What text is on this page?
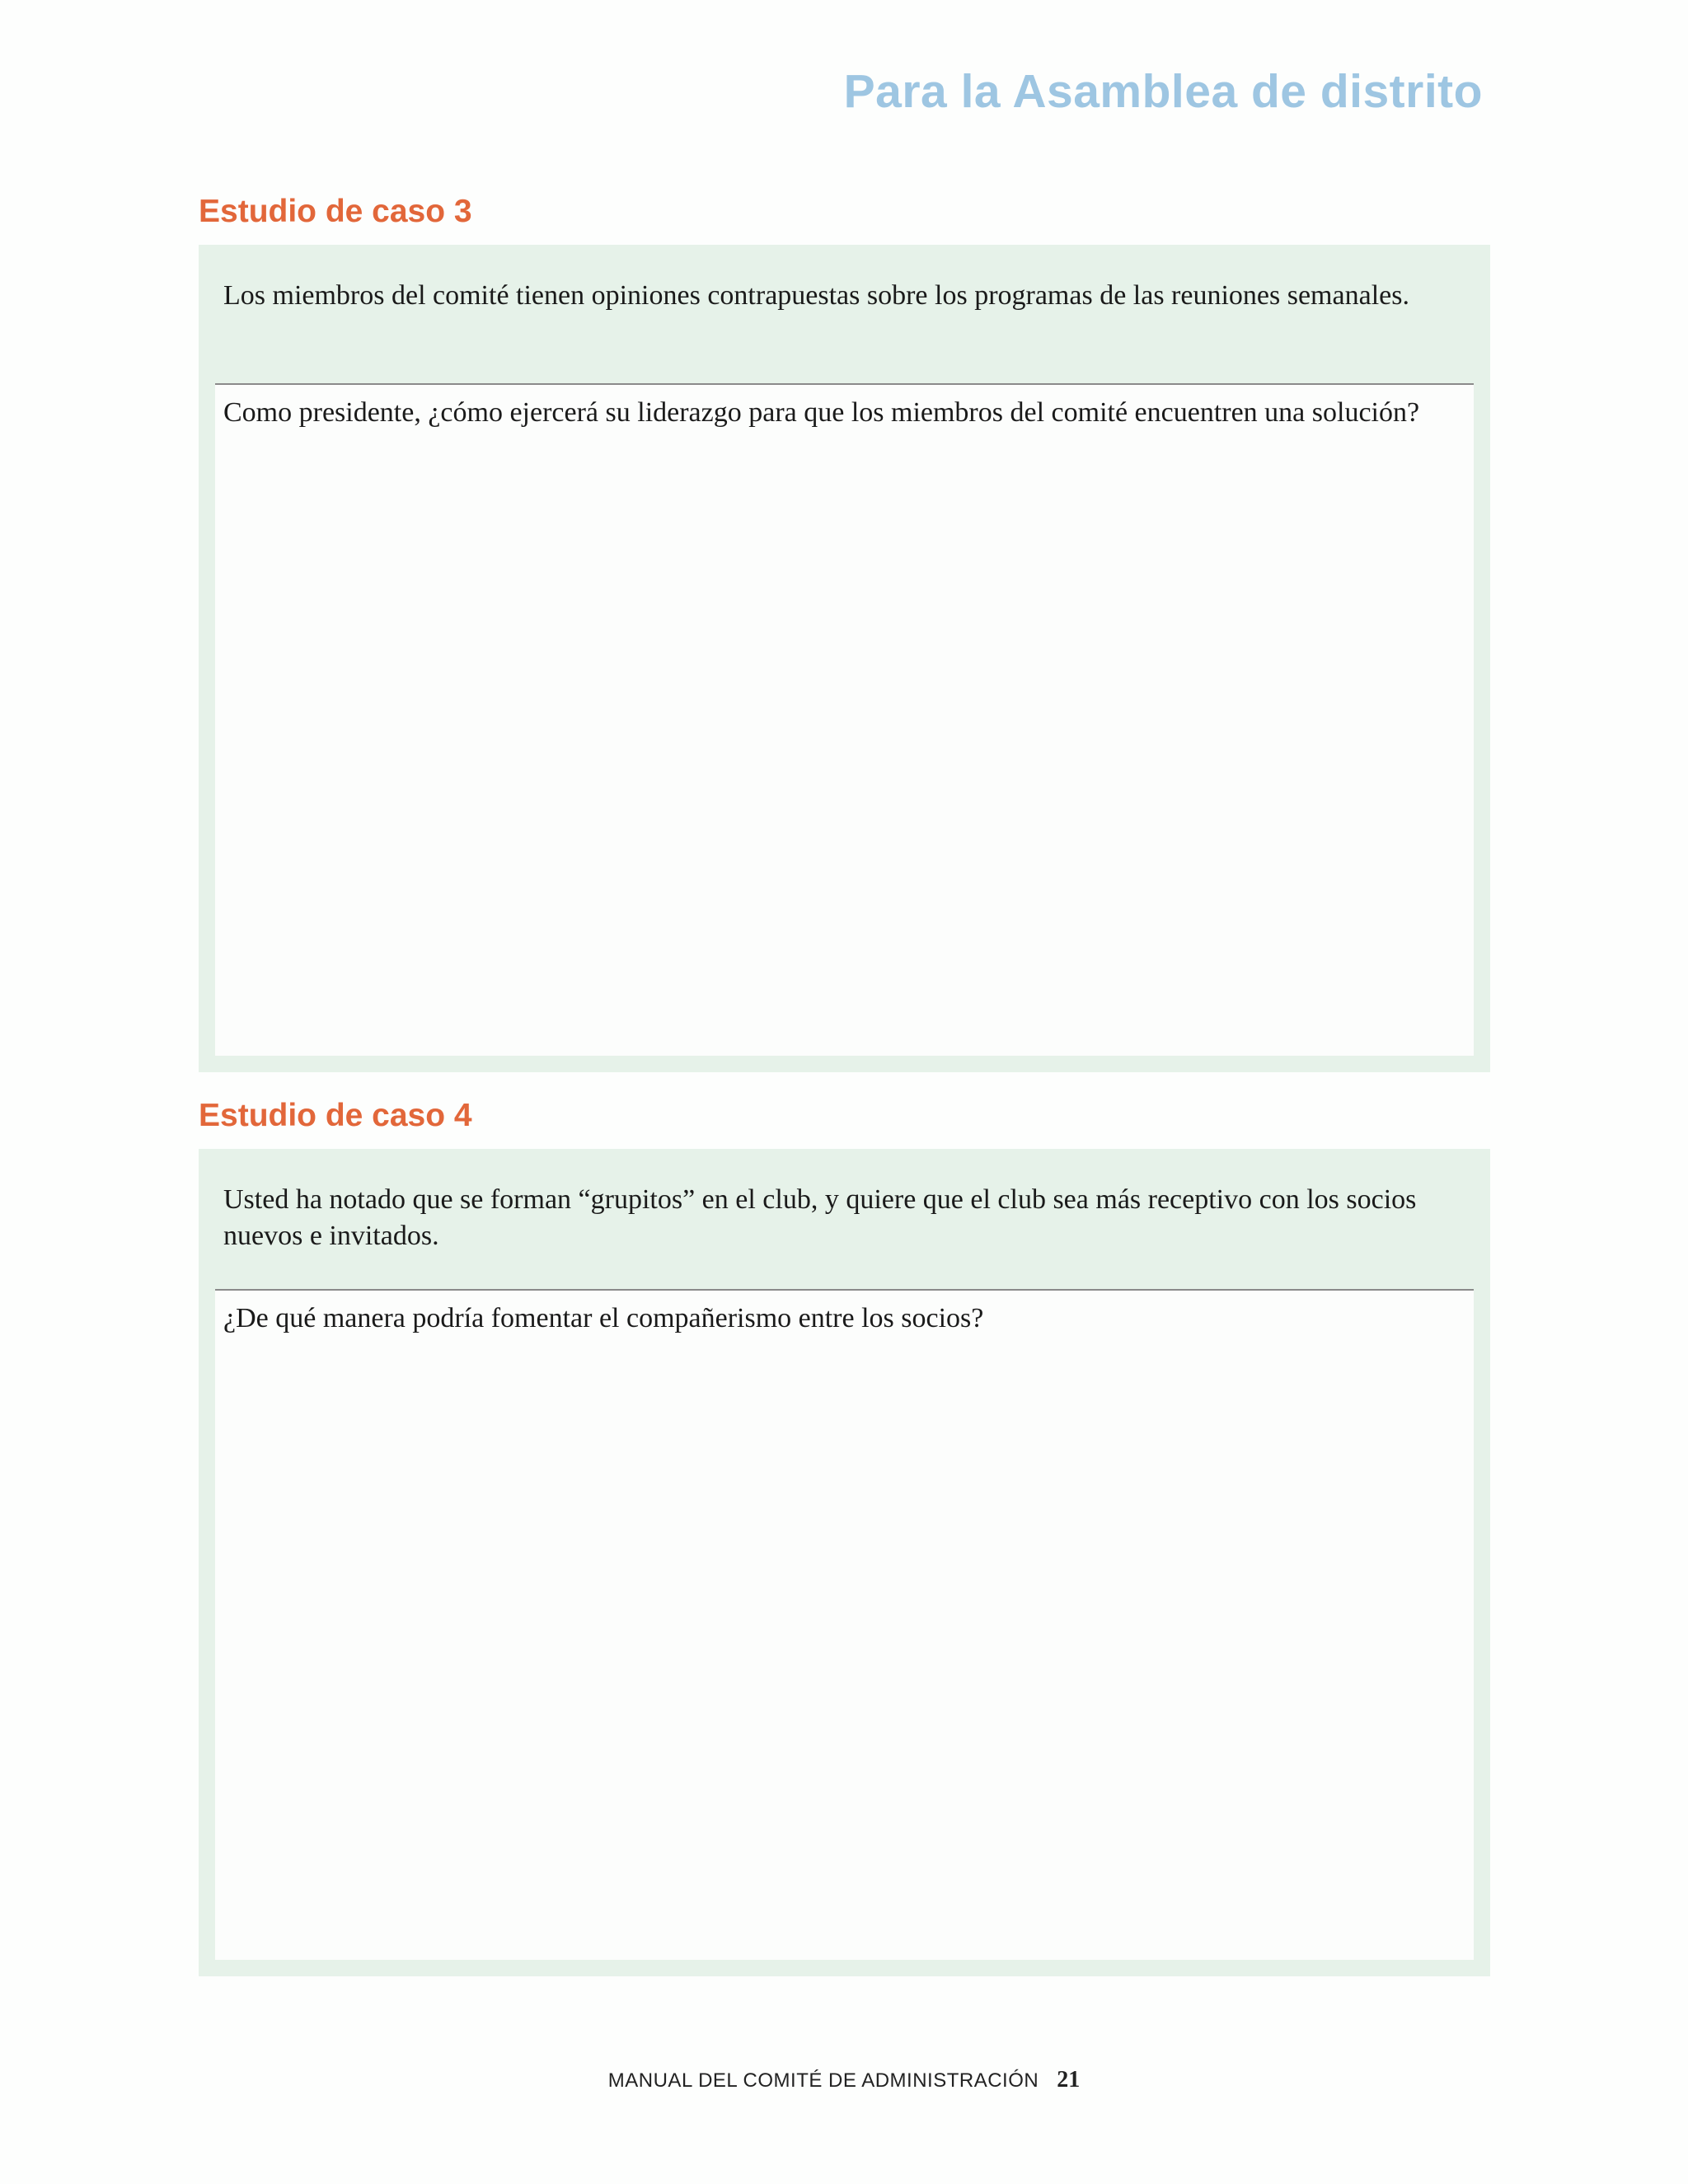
Para la Asamblea de distrito
Estudio de caso 3
Los miembros del comité tienen opiniones contrapuestas sobre los programas de las reuniones semanales.
Como presidente, ¿cómo ejercerá su liderazgo para que los miembros del comité encuentren una solución?
Estudio de caso 4
Usted ha notado que se forman “grupitos” en el club, y quiere que el club sea más receptivo con los socios nuevos e invitados.
¿De qué manera podría fomentar el compañerismo entre los socios?
MANUAL DEL COMITÉ DE ADMINISTRACIÓN 21
